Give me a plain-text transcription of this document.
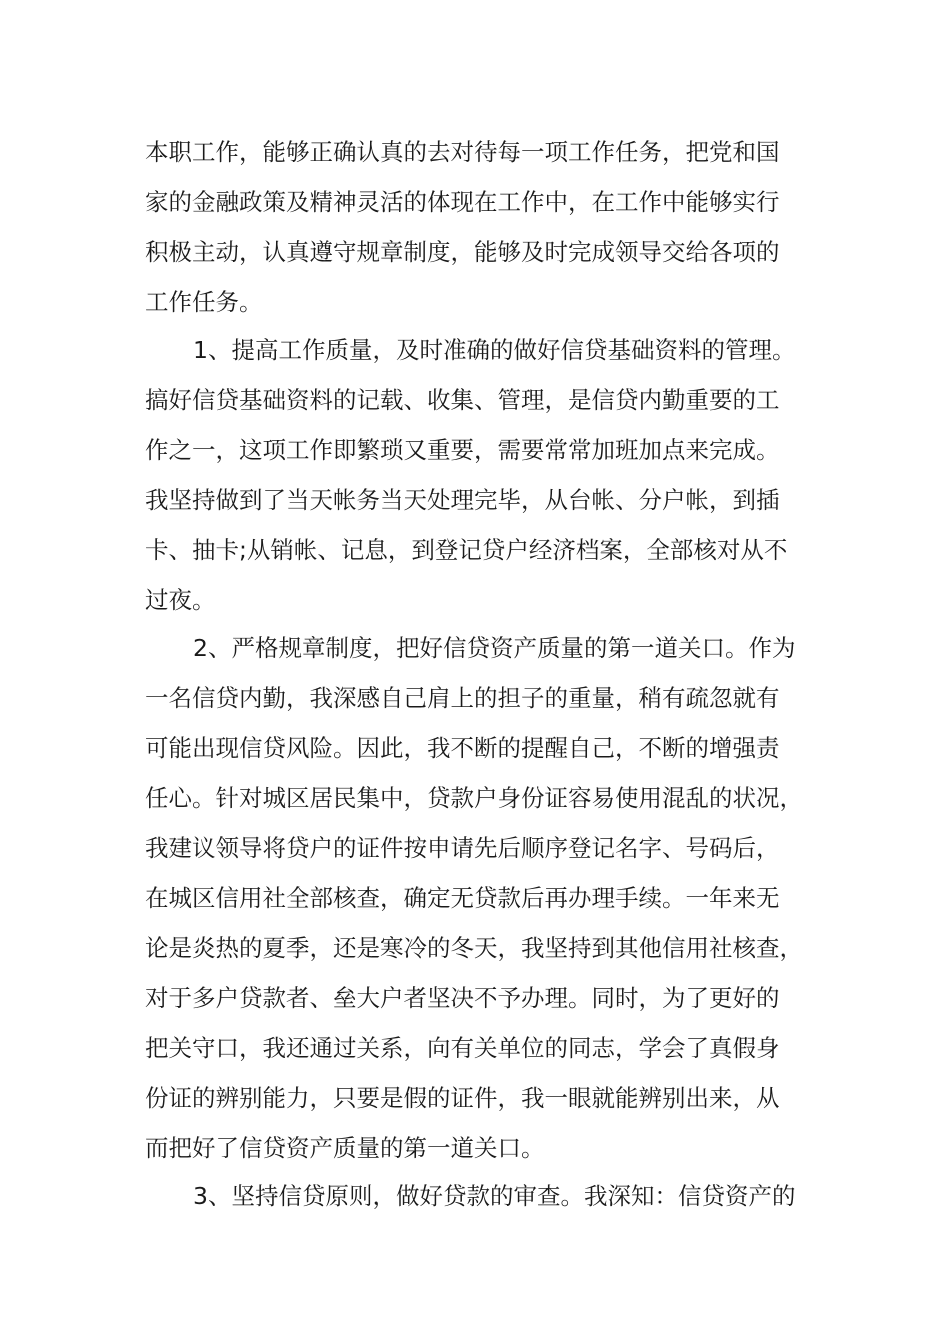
本职工作，能够正确认真的去对待每一项工作任务，把党和国
家的金融政策及精神灵活的体现在工作中，在工作中能够实行
积极主动，认真遵守规章制度，能够及时完成领导交给各项的
工作任务。
1、提高工作质量，及时准确的做好信贷基础资料的管理。
搞好信贷基础资料的记载、收集、管理，是信贷内勤重要的工
作之一，这项工作即繁琐又重要，需要常常加班加点来完成。
我坚持做到了当天帐务当天处理完毕，从台帐、分户帐，到插
卡、抽卡;从销帐、记息，到登记贷户经济档案，全部核对从不
过夜。
2、严格规章制度，把好信贷资产质量的第一道关口。作为
一名信贷内勤，我深感自己肩上的担子的重量，稍有疏忽就有
可能出现信贷风险。因此，我不断的提醒自己，不断的增强责
任心。针对城区居民集中，贷款户身份证容易使用混乱的状况，
我建议领导将贷户的证件按申请先后顺序登记名字、号码后，
在城区信用社全部核查，确定无贷款后再办理手续。一年来无
论是炎热的夏季，还是寒冷的冬天，我坚持到其他信用社核查，
对于多户贷款者、垒大户者坚决不予办理。同时，为了更好的
把关守口，我还通过关系，向有关单位的同志，学会了真假身
份证的辨别能力，只要是假的证件，我一眼就能辨别出来，从
而把好了信贷资产质量的第一道关口。
3、坚持信贷原则，做好贷款的审查。我深知：信贷资产的
